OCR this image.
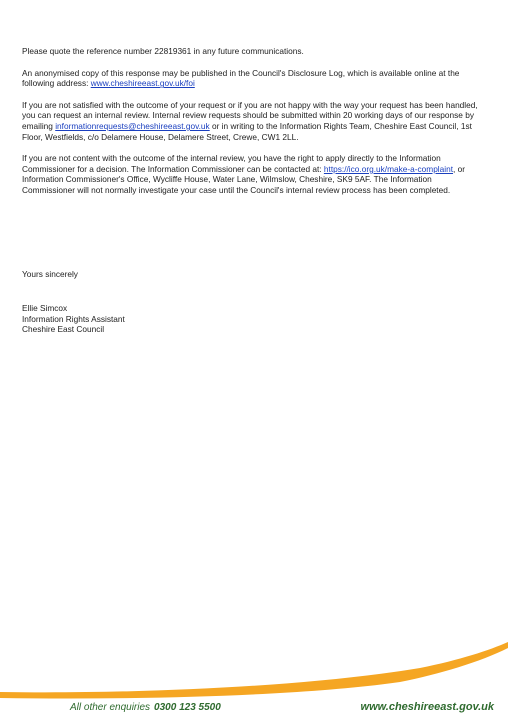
Please quote the reference number 22819361 in any future communications.

An anonymised copy of this response may be published in the Council's Disclosure Log, which is available online at the following address: www.cheshireeast.gov.uk/foi

If you are not satisfied with the outcome of your request or if you are not happy with the way your request has been handled, you can request an internal review. Internal review requests should be submitted within 20 working days of our response by emailing informationrequests@cheshireeast.gov.uk or in writing to the Information Rights Team, Cheshire East Council, 1st Floor, Westfields, c/o Delamere House, Delamere Street, Crewe, CW1 2LL.

If you are not content with the outcome of the internal review, you have the right to apply directly to the Information Commissioner for a decision. The Information Commissioner can be contacted at: https://ico.org.uk/make-a-complaint, or Information Commissioner's Office, Wycliffe House, Water Lane, Wilmslow, Cheshire, SK9 5AF. The Information Commissioner will not normally investigate your case until the Council's internal review process has been completed.

Yours sincerely
Ellie Simcox
Information Rights Assistant
Cheshire East Council
All other enquiries 0300 123 5500	www.cheshireeast.gov.uk
